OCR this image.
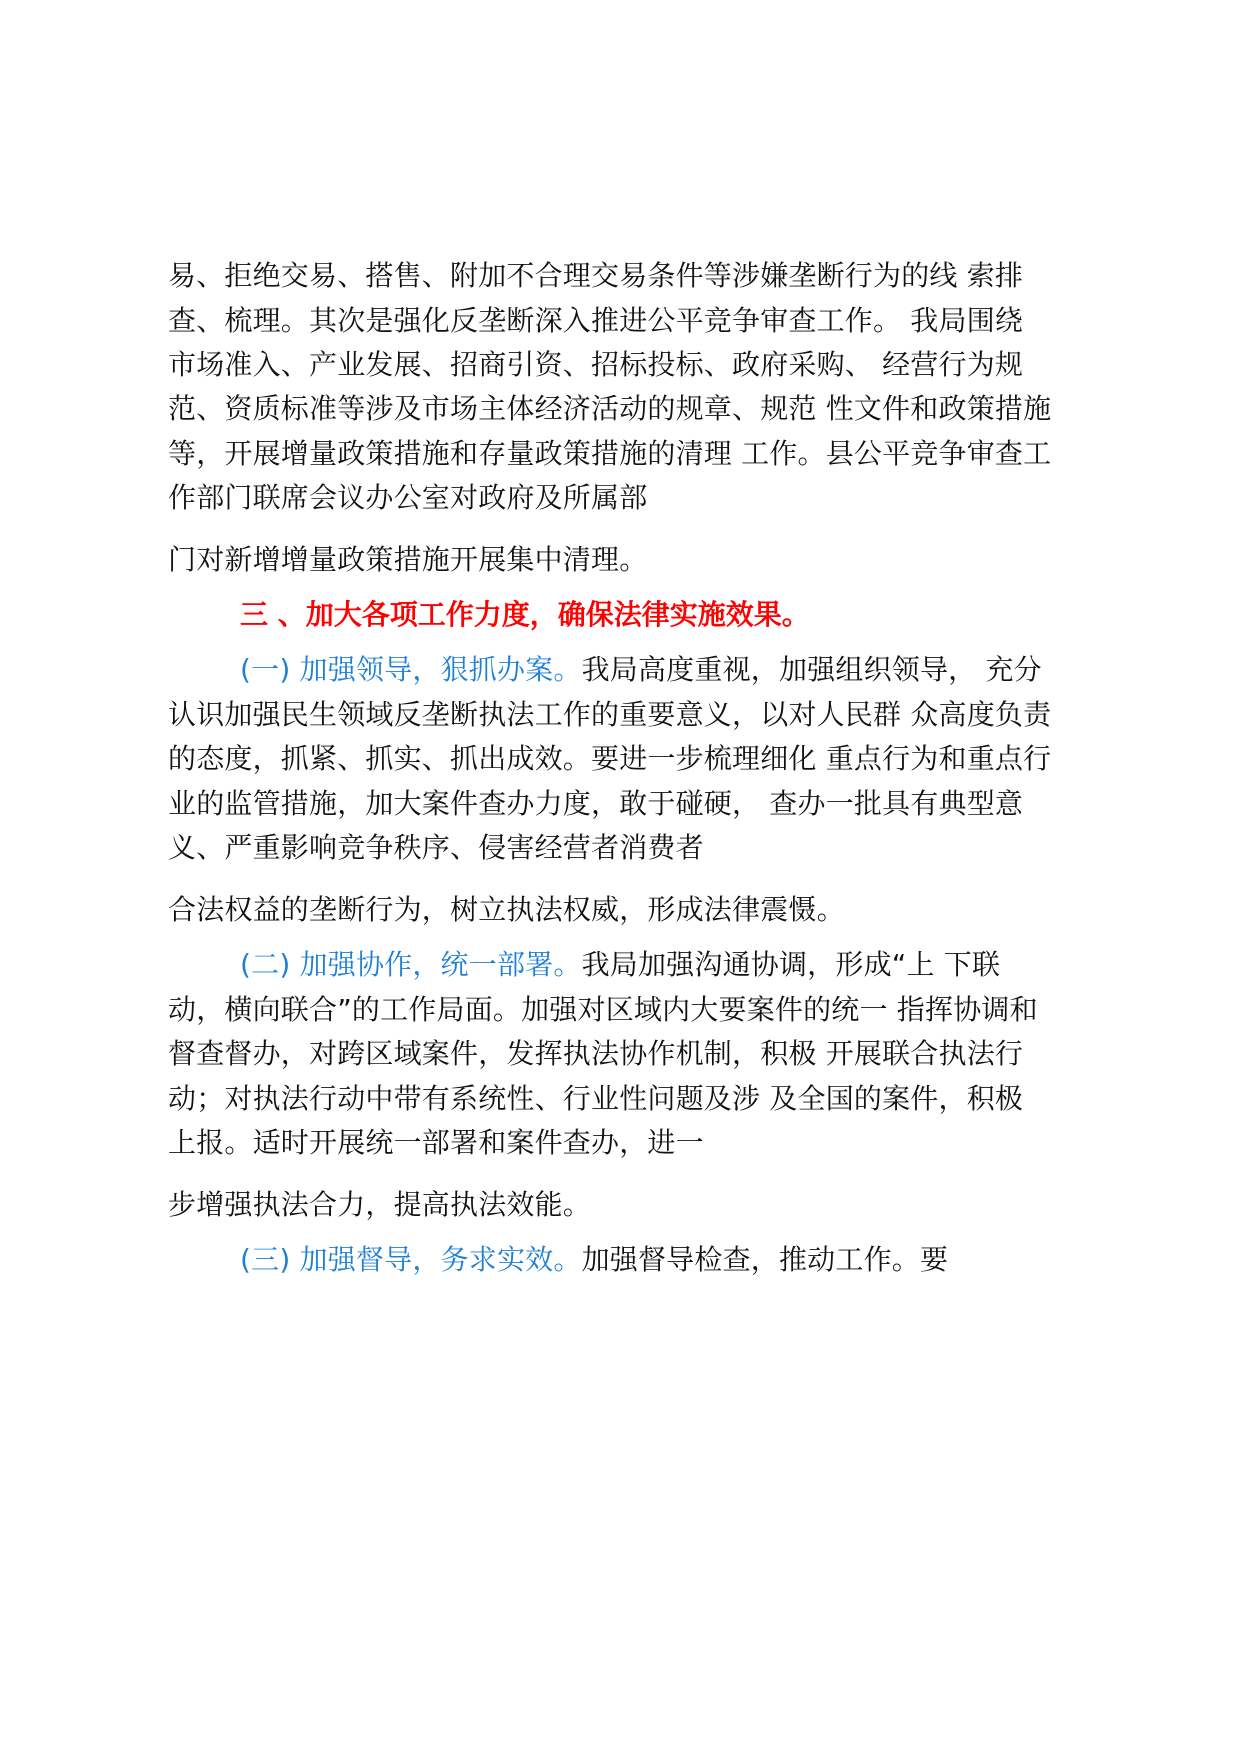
易、拒绝交易、搭售、附加不合理交易条件等涉嫌垄断行为的线 索排
查、梳理。其次是强化反垄断深入推进公平竞争审查工作。 我局围绕
市场准入、产业发展、招商引资、招标投标、政府采购、 经营行为规
范、资质标准等涉及市场主体经济活动的规章、规范 性文件和政策措施
等，开展增量政策措施和存量政策措施的清理 工作。县公平竞争审查工
作部门联席会议办公室对政府及所属部
门对新增增量政策措施开展集中清理。
三 、加大各项工作力度，确保法律实施效果。
(一) 加强领导，狠抓办案。我局高度重视，加强组织领导， 充分
认识加强民生领域反垄断执法工作的重要意义，以对人民群 众高度负责
的态度，抓紧、抓实、抓出成效。要进一步梳理细化 重点行为和重点行
业的监管措施，加大案件查办力度，敢于碰硬， 查办一批具有典型意
义、严重影响竞争秩序、侵害经营者消费者
合法权益的垄断行为，树立执法权威，形成法律震慑。
(二) 加强协作，统一部署。我局加强沟通协调，形成“上 下联
动，横向联合”的工作局面。加强对区域内大要案件的统一 指挥协调和
督查督办，对跨区域案件，发挥执法协作机制，积极 开展联合执法行
动；对执法行动中带有系统性、行业性问题及涉 及全国的案件，积极
上报。适时开展统一部署和案件查办，进一
步增强执法合力，提高执法效能。
(三) 加强督导，务求实效。加强督导检查，推动工作。要
